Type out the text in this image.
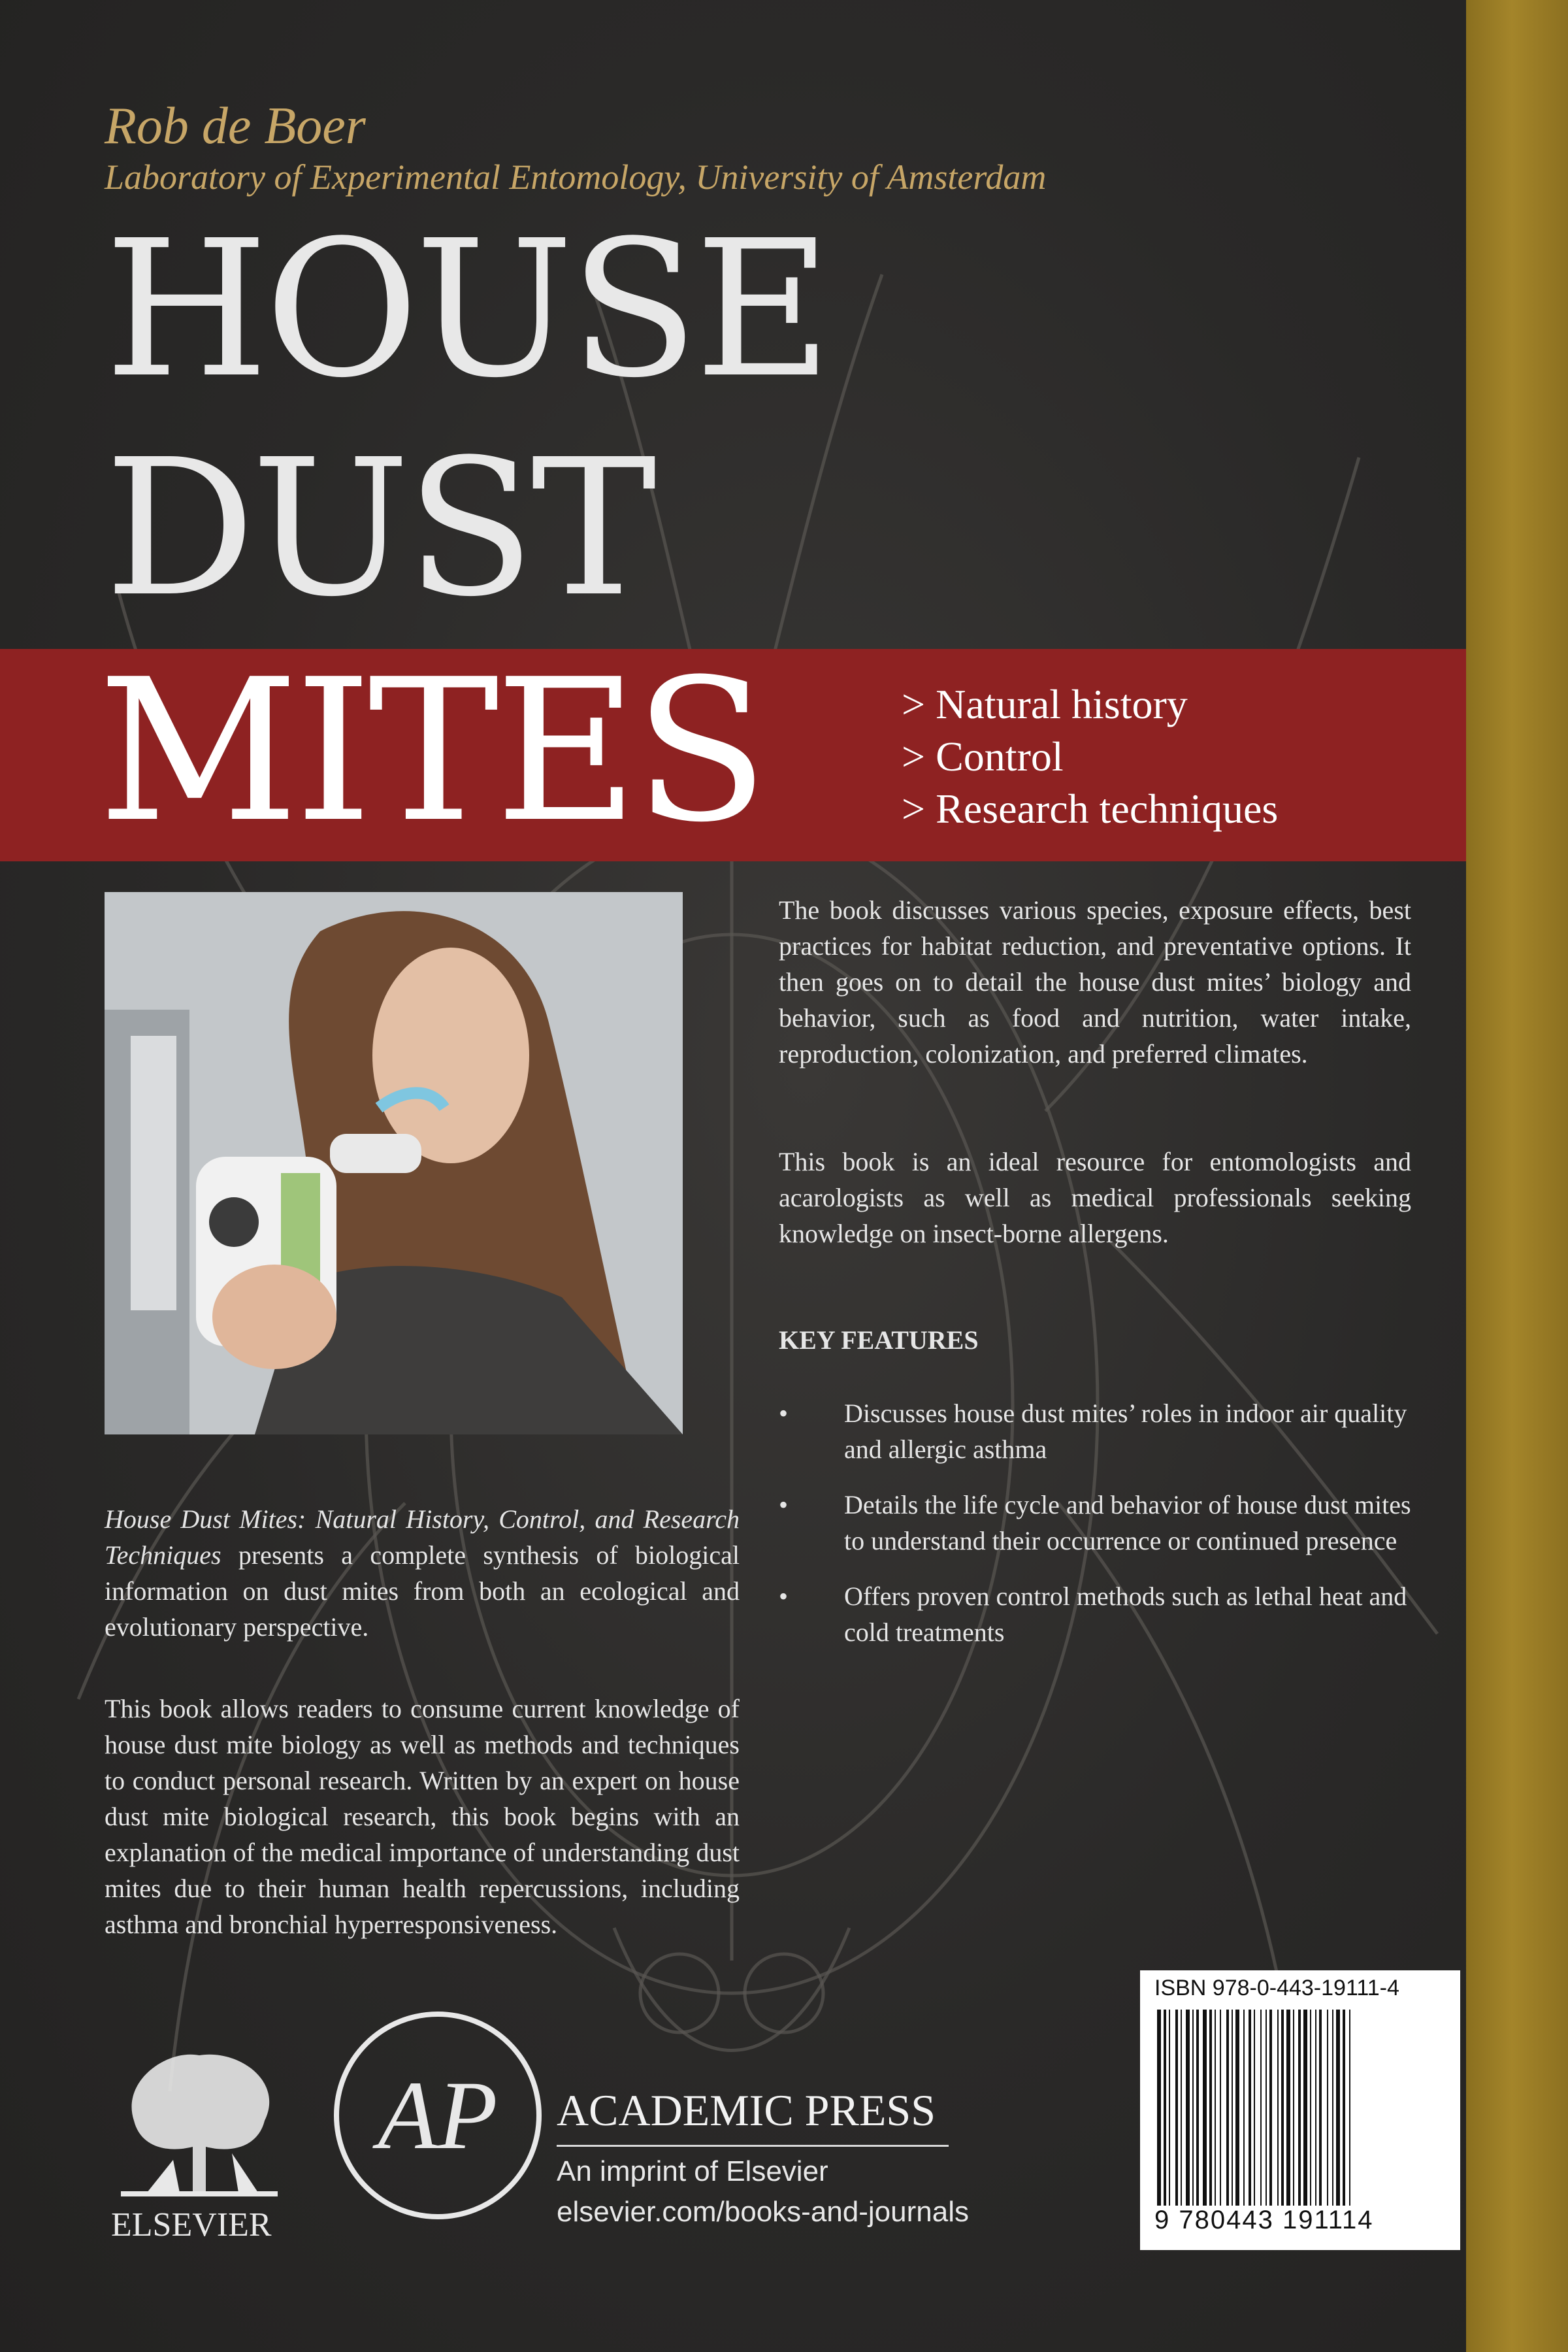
Rob de Boer
Laboratory of Experimental Entomology, University of Amsterdam
HOUSE
DUST
MITES	> Natural history
> Control
> Research techniques
The book discusses various species, exposure effects, best practices for habitat reduction, and preventative options. It then goes on to detail the house dust mites’ biology and behavior, such as food and nutrition, water intake, reproduction, colonization, and preferred climates.
This book is an ideal resource for entomologists and acarologists as well as medical professionals seeking knowledge on insect-borne allergens.
KEY FEATURES
• Discusses house dust mites’ roles in indoor air quality and allergic asthma
• Details the life cycle and behavior of house dust mites to understand their occurrence or continued presence
• Offers proven control methods such as lethal heat and cold treatments
House Dust Mites: Natural History, Control, and Research Techniques presents a complete synthesis of biological information on dust mites from both an ecological and evolutionary perspective.
This book allows readers to consume current knowledge of house dust mite biology as well as methods and techniques to conduct personal research. Written by an expert on house dust mite biological research, this book begins with an explanation of the medical importance of understanding dust mites due to their human health repercussions, including asthma and bronchial hyperresponsiveness.
ELSEVIER
AP ACADEMIC PRESS
An imprint of Elsevier
elsevier.com/books-and-journals
ISBN 978-0-443-19111-4
9 780443 191114
